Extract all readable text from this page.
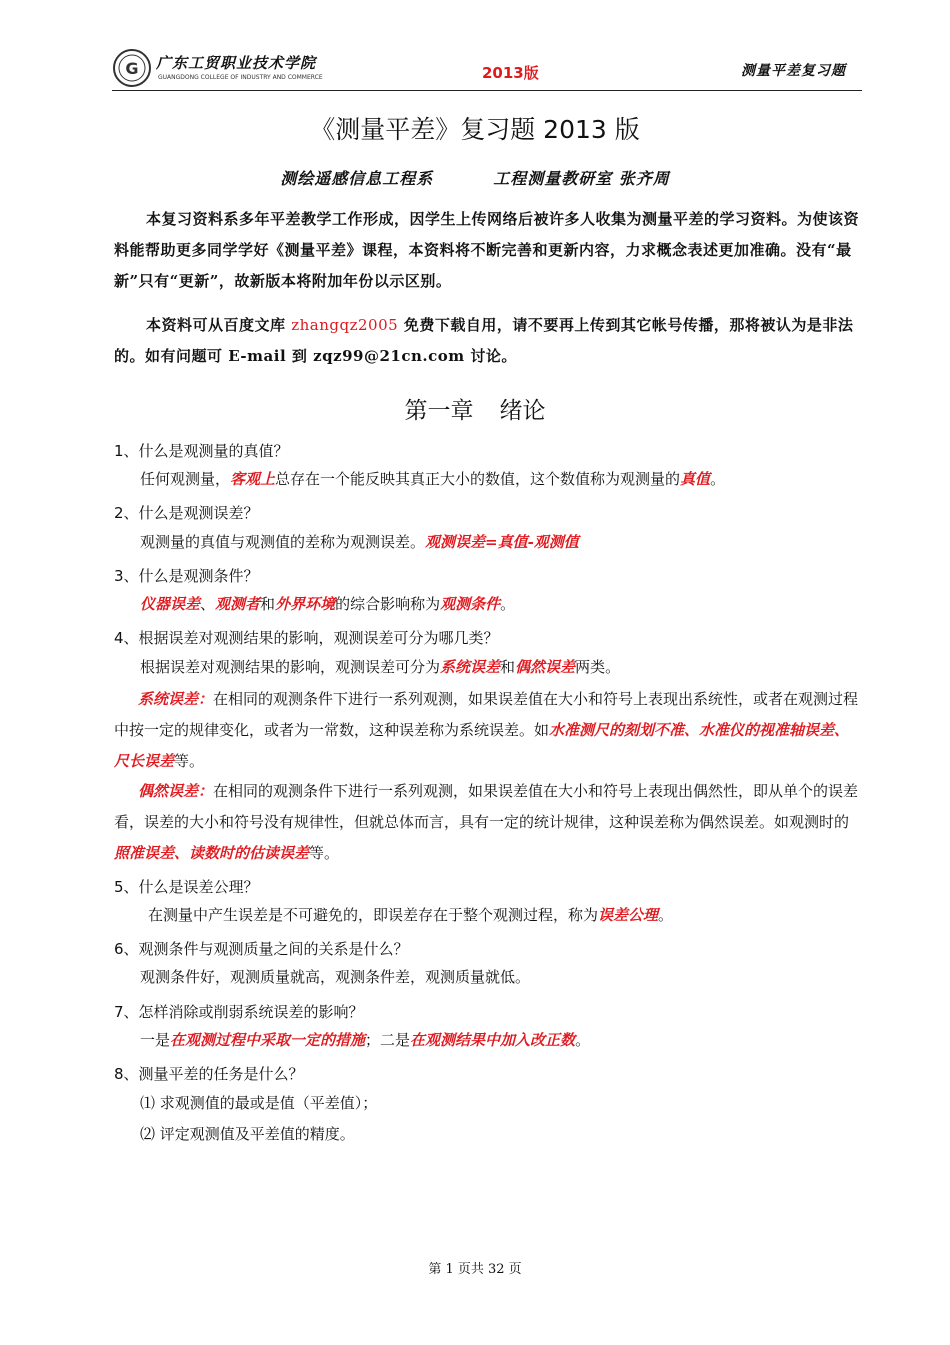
G 广东工贸职业技术学院
GUANGDONG COLLEGE OF INDUSTRY AND COMMERCE	2013版	测量平差复习题
《测量平差》复习题 2013 版
测绘遥感信息工程系	工程测量教研室 张齐周
本复习资料系多年平差教学工作形成，因学生上传网络后被许多人收集为测量平差的学习资料。为使该资料能帮助更多同学学好《测量平差》课程，本资料将不断完善和更新内容，力求概念表述更加准确。没有“最新”只有“更新”，故新版本将附加年份以示区别。
本资料可从百度文库 zhangqz2005 免费下载自用，请不要再上传到其它帐号传播，那将被认为是非法的。如有问题可 E-mail 到 zqz99@21cn.com 讨论。
第一章 绪论
1、什么是观测量的真值？
任何观测量，客观上总存在一个能反映其真正大小的数值，这个数值称为观测量的真值。
2、什么是观测误差？
观测量的真值与观测值的差称为观测误差。观测误差=真值-观测值
3、什么是观测条件？
仪器误差、观测者和外界环境的综合影响称为观测条件。
4、根据误差对观测结果的影响，观测误差可分为哪几类？
根据误差对观测结果的影响，观测误差可分为系统误差和偶然误差两类。
系统误差：在相同的观测条件下进行一系列观测，如果误差值在大小和符号上表现出系统性，或者在观测过程中按一定的规律变化，或者为一常数，这种误差称为系统误差。如水准测尺的刻划不准、水准仪的视准轴误差、尺长误差等。
偶然误差：在相同的观测条件下进行一系列观测，如果误差值在大小和符号上表现出偶然性，即从单个的误差看，误差的大小和符号没有规律性，但就总体而言，具有一定的统计规律，这种误差称为偶然误差。如观测时的照准误差、读数时的估读误差等。
5、什么是误差公理？
在测量中产生误差是不可避免的，即误差存在于整个观测过程，称为误差公理。
6、观测条件与观测质量之间的关系是什么？
观测条件好，观测质量就高，观测条件差，观测质量就低。
7、怎样消除或削弱系统误差的影响？
一是在观测过程中采取一定的措施；二是在观测结果中加入改正数。
8、测量平差的任务是什么？
⑴ 求观测值的最或是值（平差值）；
⑵ 评定观测值及平差值的精度。
第 1 页共 32 页
